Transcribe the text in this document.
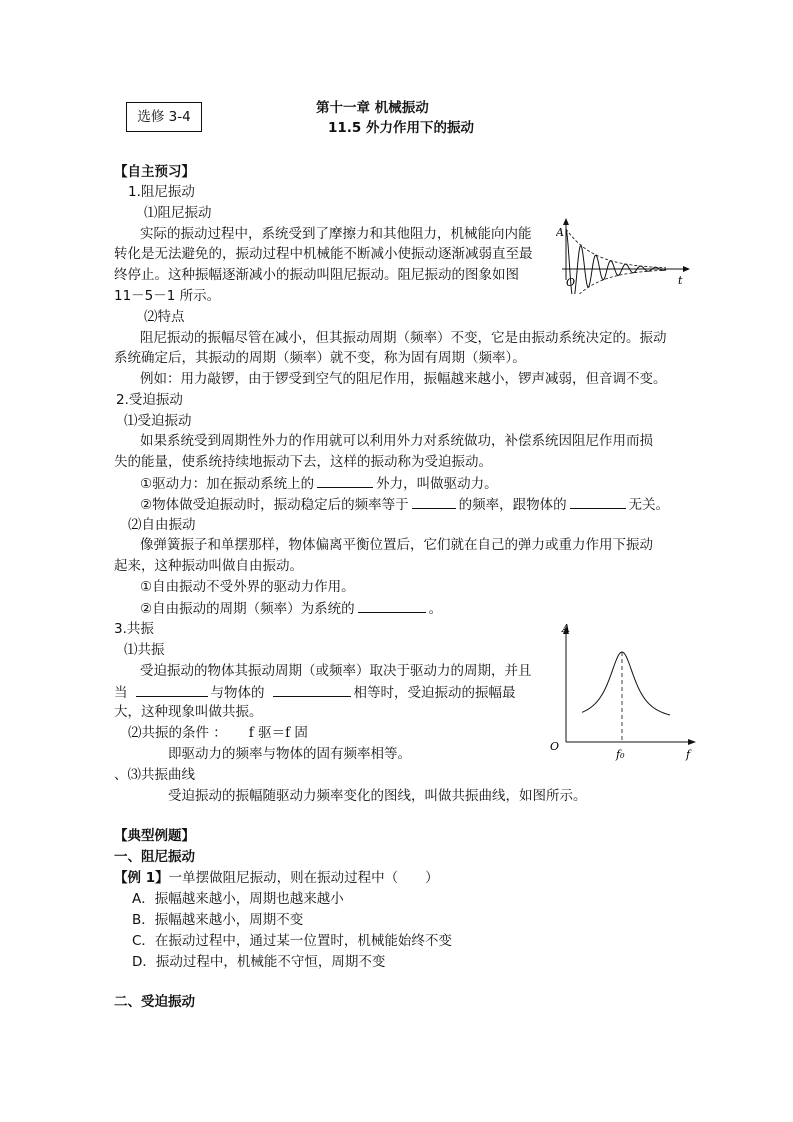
选修 3-4
第十一章 机械振动
11.5 外力作用下的振动
【自主预习】
1.阻尼振动
⑴阻尼振动
实际的振动过程中，系统受到了摩擦力和其他阻力，机械能向内能
转化是无法避免的，振动过程中机械能不断减小使振动逐渐减弱直至最
终停止。这种振幅逐渐减小的振动叫阻尼振动。阻尼振动的图象如图
11－5－1 所示。
A
O	t
⑵特点
阻尼振动的振幅尽管在减小，但其振动周期（频率）不变，它是由振动系统决定的。振动
系统确定后，其振动的周期（频率）就不变，称为固有周期（频率）。
例如：用力敲锣，由于锣受到空气的阻尼作用，振幅越来越小，锣声减弱，但音调不变。
2.受迫振动
⑴受迫振动
如果系统受到周期性外力的作用就可以利用外力对系统做功，补偿系统因阻尼作用而损
失的能量，使系统持续地振动下去，这样的振动称为受迫振动。
①驱动力：加在振动系统上的	外力，叫做驱动力。
②物体做受迫振动时，振动稳定后的频率等于	的频率，跟物体的	无关。
⑵自由振动
像弹簧振子和单摆那样，物体偏离平衡位置后，它们就在自己的弹力或重力作用下振动
起来，这种振动叫做自由振动。
①自由振动不受外界的驱动力作用。
②自由振动的周期（频率）为系统的	。
3.共振
⑴共振
受迫振动的物体其振动周期（或频率）取决于驱动力的周期，并且
当	与物体的	相等时，受迫振动的振幅最
大，这种现象叫做共振。
⑵共振的条件 ： f 驱＝f 固
即驱动力的频率与物体的固有频率相等。
、⑶共振曲线
受迫振动的振幅随驱动力频率变化的图线，叫做共振曲线，如图所示。
A
O
f
f₀
【典型例题】
一、阻尼振动
【例 1】一单摆做阻尼振动，则在振动过程中（　　）
A．振幅越来越小，周期也越来越小
B．振幅越来越小，周期不变
C．在振动过程中，通过某一位置时，机械能始终不变
D．振动过程中，机械能不守恒，周期不变
二、受迫振动
